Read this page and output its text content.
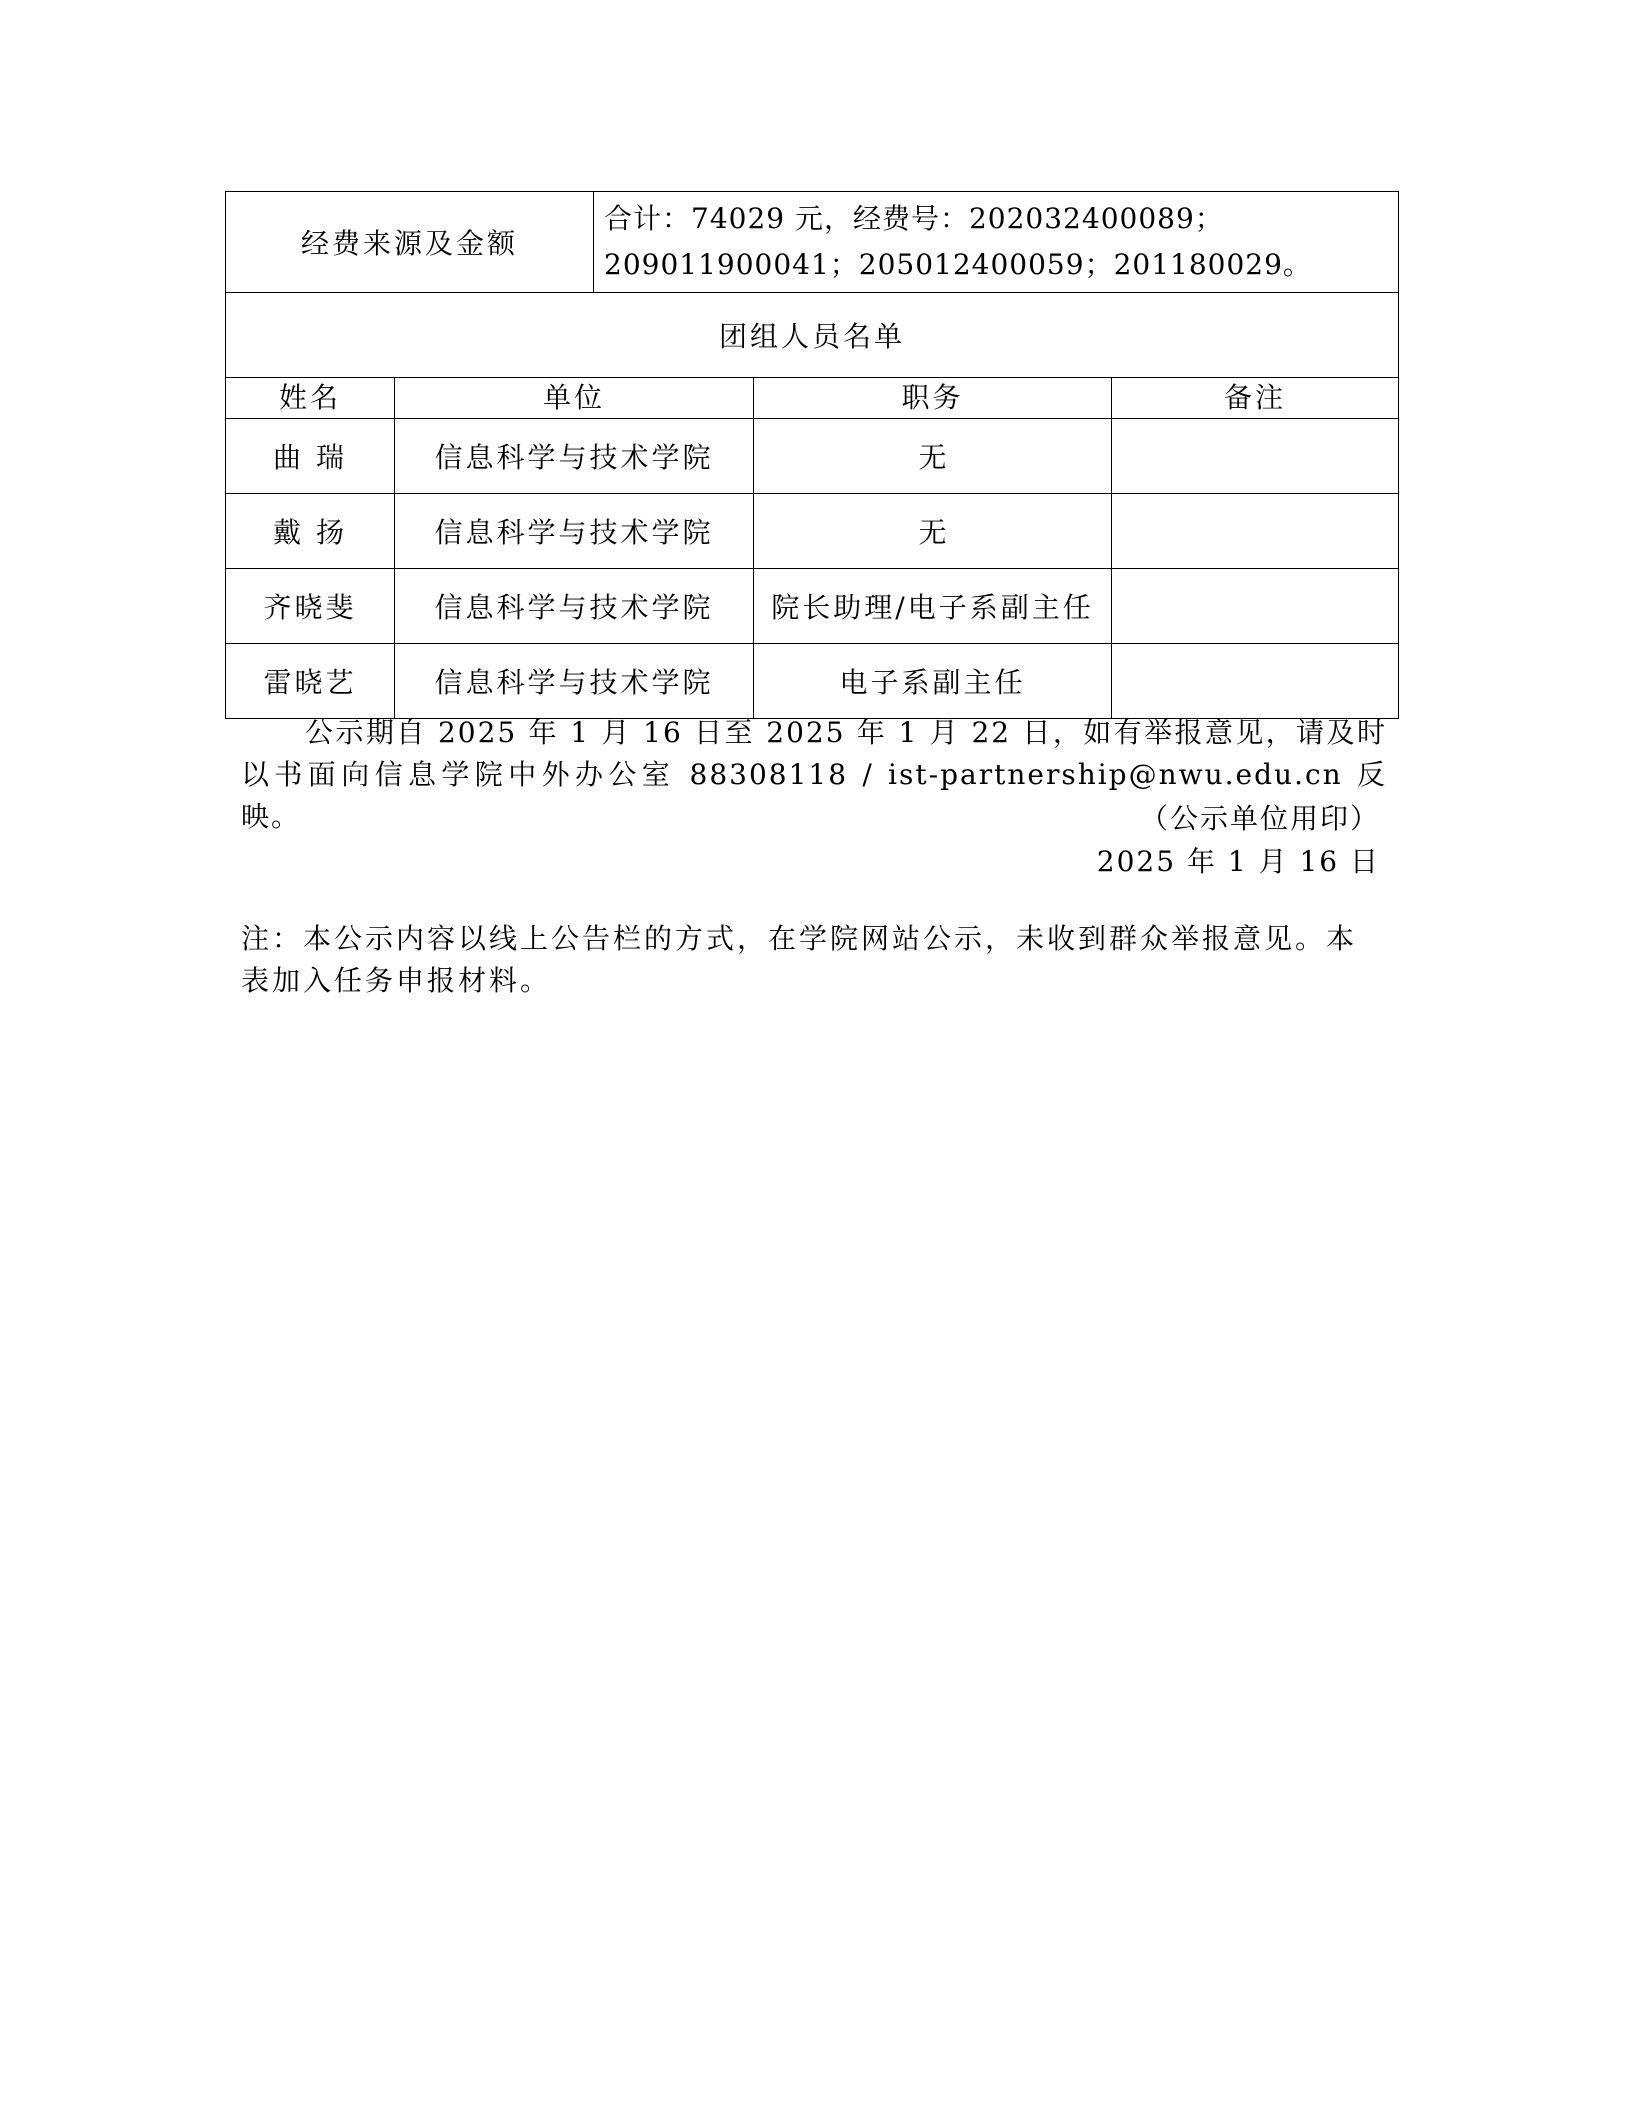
经费来源及金额		合计：74029 元，经费号：202032400089；209011900041；205012400059；201180029。		
团组人员名单				
姓名	单位		职务	备注
曲 瑞	信息科学与技术学院		无	
戴 扬	信息科学与技术学院		无	
齐晓斐	信息科学与技术学院		院长助理/电子系副主任	
雷晓艺	信息科学与技术学院		电子系副主任	

公示期自 2025 年 1 月 16 日至 2025 年 1 月 22 日，如有举报意见，请及时以书面向信息学院中外办公室 88308118 / ist-partnership@nwu.edu.cn 反映。	（公示单位用印）

2025 年 1 月 16 日

注：本公示内容以线上公告栏的方式，在学院网站公示，未收到群众举报意见。本表加入任务申报材料。
